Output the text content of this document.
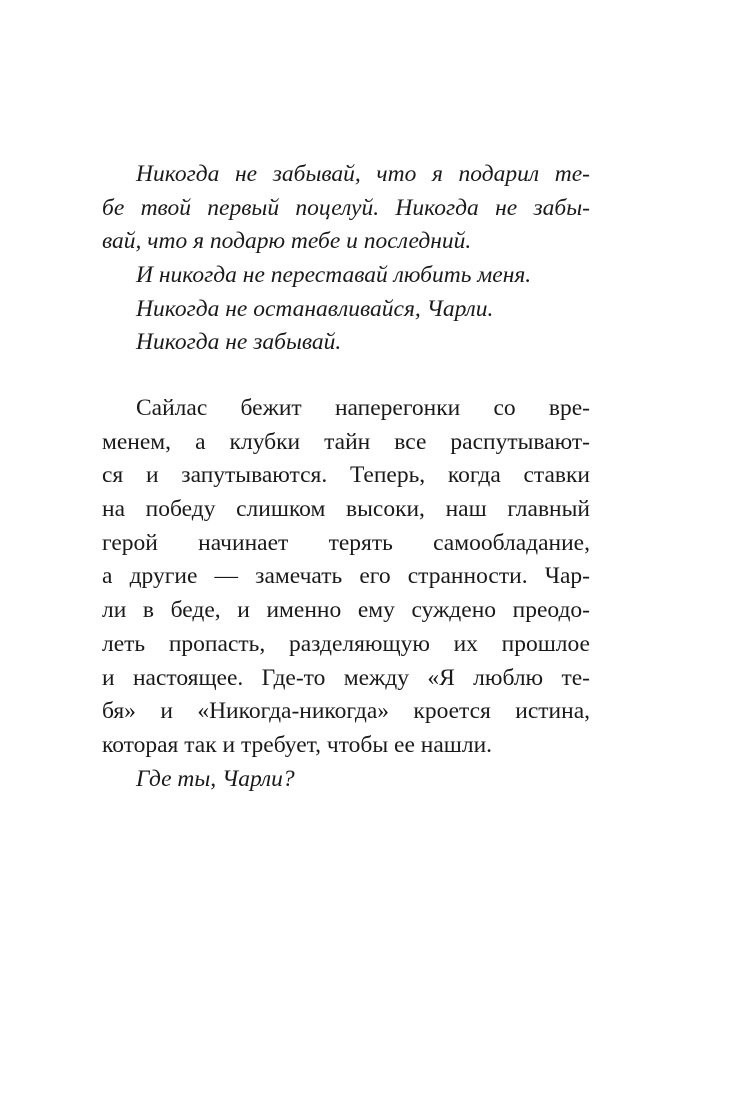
Никогда не забывай, что я подарил те-
бе твой первый поцелуй. Никогда не забы-
вай, что я подарю тебе и последний.
И никогда не переставай любить меня.
Никогда не останавливайся, Чарли.
Никогда не забывай.
Сайлас бежит наперегонки со вре-
менем, а клубки тайн все распутывают-
ся и запутываются. Теперь, когда ставки
на победу слишком высоки, наш главный
герой начинает терять самообладание,
а другие — замечать его странности. Чар-
ли в беде, и именно ему суждено преодо-
леть пропасть, разделяющую их прошлое
и настоящее. Где-то между «Я люблю те-
бя» и «Никогда-никогда» кроется истина,
которая так и требует, чтобы ее нашли.
Где ты, Чарли?
